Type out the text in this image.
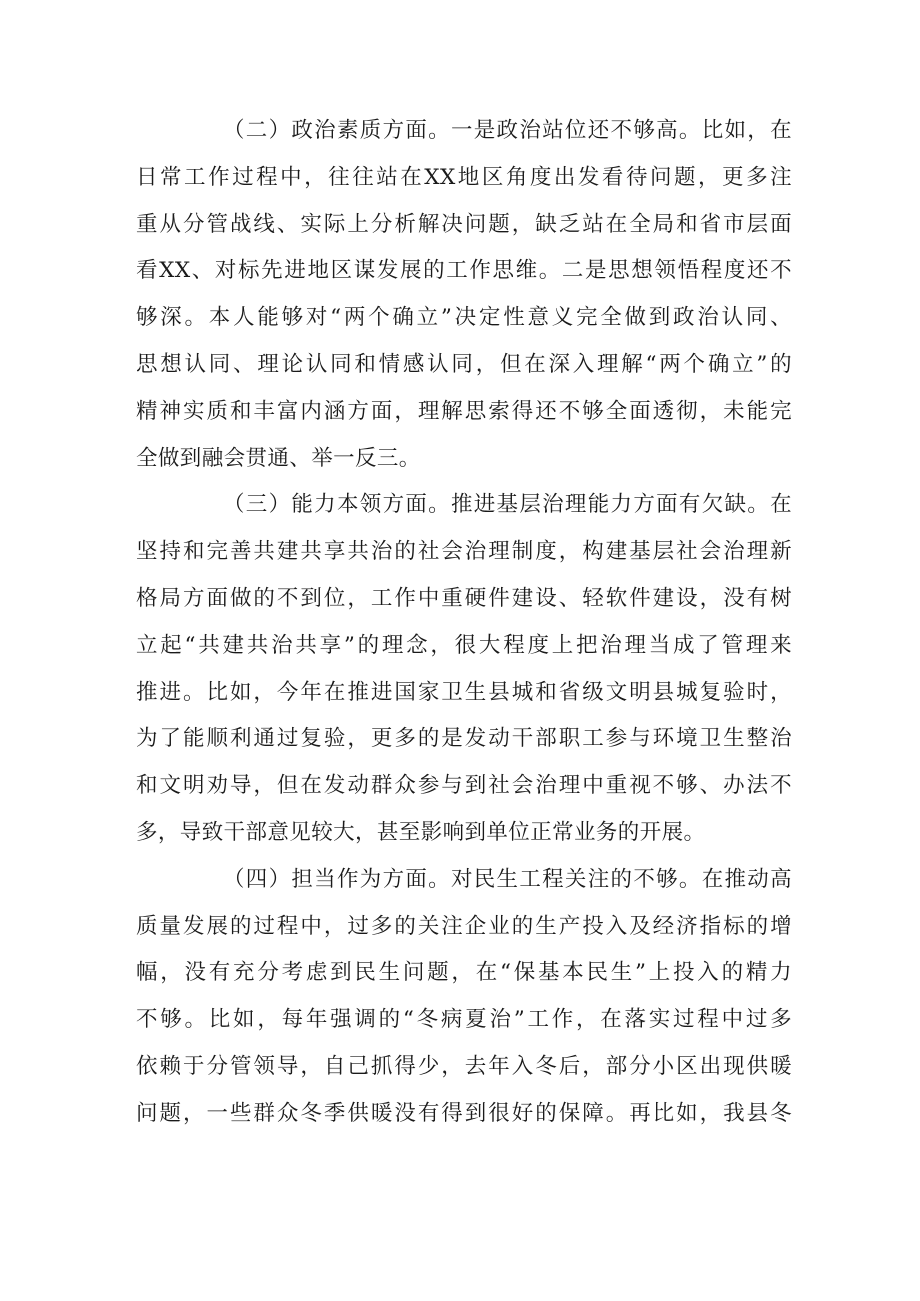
（二）政治素质方面。一是政治站位还不够高。比如，在
日常工作过程中，往往站在XX地区角度出发看待问题，更多注
重从分管战线、实际上分析解决问题，缺乏站在全局和省市层面
看XX、对标先进地区谋发展的工作思维。二是思想领悟程度还不
够深。本人能够对“两个确立”决定性意义完全做到政治认同、
思想认同、理论认同和情感认同，但在深入理解“两个确立”的
精神实质和丰富内涵方面，理解思索得还不够全面透彻，未能完
全做到融会贯通、举一反三。
（三）能力本领方面。推进基层治理能力方面有欠缺。在
坚持和完善共建共享共治的社会治理制度，构建基层社会治理新
格局方面做的不到位，工作中重硬件建设、轻软件建设，没有树
立起“共建共治共享”的理念，很大程度上把治理当成了管理来
推进。比如，今年在推进国家卫生县城和省级文明县城复验时，
为了能顺利通过复验，更多的是发动干部职工参与环境卫生整治
和文明劝导，但在发动群众参与到社会治理中重视不够、办法不
多，导致干部意见较大，甚至影响到单位正常业务的开展。
（四）担当作为方面。对民生工程关注的不够。在推动高
质量发展的过程中，过多的关注企业的生产投入及经济指标的增
幅，没有充分考虑到民生问题，在“保基本民生”上投入的精力
不够。比如，每年强调的“冬病夏治”工作，在落实过程中过多
依赖于分管领导，自己抓得少，去年入冬后，部分小区出现供暖
问题，一些群众冬季供暖没有得到很好的保障。再比如，我县冬
